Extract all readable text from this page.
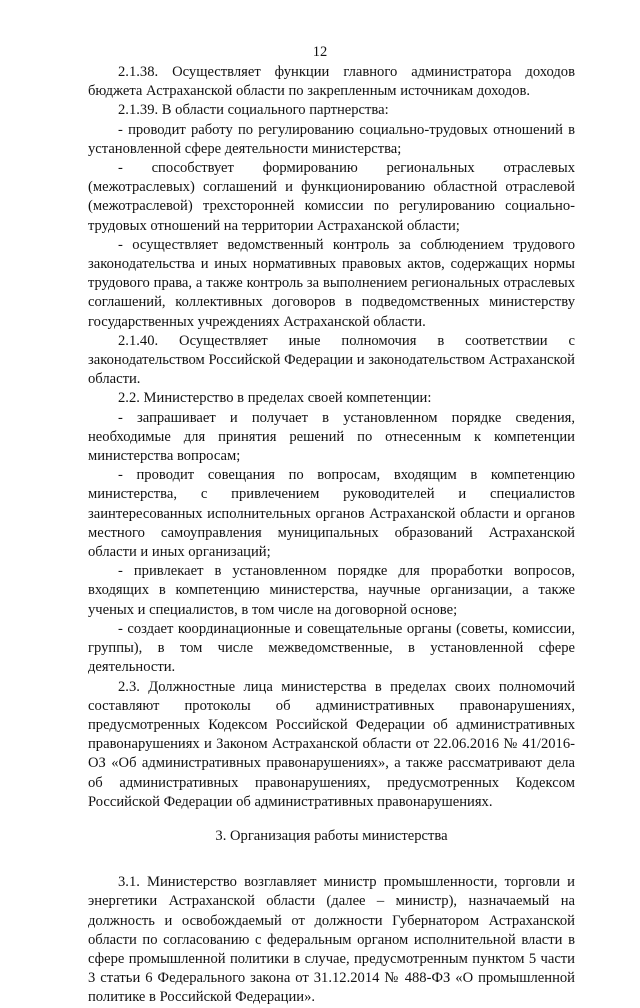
12

2.1.38. Осуществляет функции главного администратора доходов бюджета Астраханской области по закрепленным источникам доходов.

2.1.39. В области социального партнерства:

- проводит работу по регулированию социально-трудовых отношений в установленной сфере деятельности министерства;

- способствует формированию региональных отраслевых (межотраслевых) соглашений и функционированию областной отраслевой (межотраслевой) трехсторонней комиссии по регулированию социально-трудовых отношений на территории Астраханской области;

- осуществляет ведомственный контроль за соблюдением трудового законодательства и иных нормативных правовых актов, содержащих нормы трудового права, а также контроль за выполнением региональных отраслевых соглашений, коллективных договоров в подведомственных министерству государственных учреждениях Астраханской области.

2.1.40. Осуществляет иные полномочия в соответствии с законодательством Российской Федерации и законодательством Астраханской области.

2.2. Министерство в пределах своей компетенции:

- запрашивает и получает в установленном порядке сведения, необходимые для принятия решений по отнесенным к компетенции министерства вопросам;

- проводит совещания по вопросам, входящим в компетенцию министерства, с привлечением руководителей и специалистов заинтересованных исполнительных органов Астраханской области и органов местного самоуправления муниципальных образований Астраханской области и иных организаций;

- привлекает в установленном порядке для проработки вопросов, входящих в компетенцию министерства, научные организации, а также ученых и специалистов, в том числе на договорной основе;

- создает координационные и совещательные органы (советы, комиссии, группы), в том числе межведомственные, в установленной сфере деятельности.

2.3. Должностные лица министерства в пределах своих полномочий составляют протоколы об административных правонарушениях, предусмотренных Кодексом Российской Федерации об административных правонарушениях и Законом Астраханской области от 22.06.2016 № 41/2016-ОЗ «Об административных правонарушениях», а также рассматривают дела об административных правонарушениях, предусмотренных Кодексом Российской Федерации об административных правонарушениях.

3. Организация работы министерства

3.1. Министерство возглавляет министр промышленности, торговли и энергетики Астраханской области (далее – министр), назначаемый на должность и освобождаемый от должности Губернатором Астраханской области по согласованию с федеральным органом исполнительной власти в сфере промышленной политики в случае, предусмотренным пунктом 5 части 3 статьи 6 Федерального закона от 31.12.2014 № 488-ФЗ «О промышленной политике в Российской Федерации».
